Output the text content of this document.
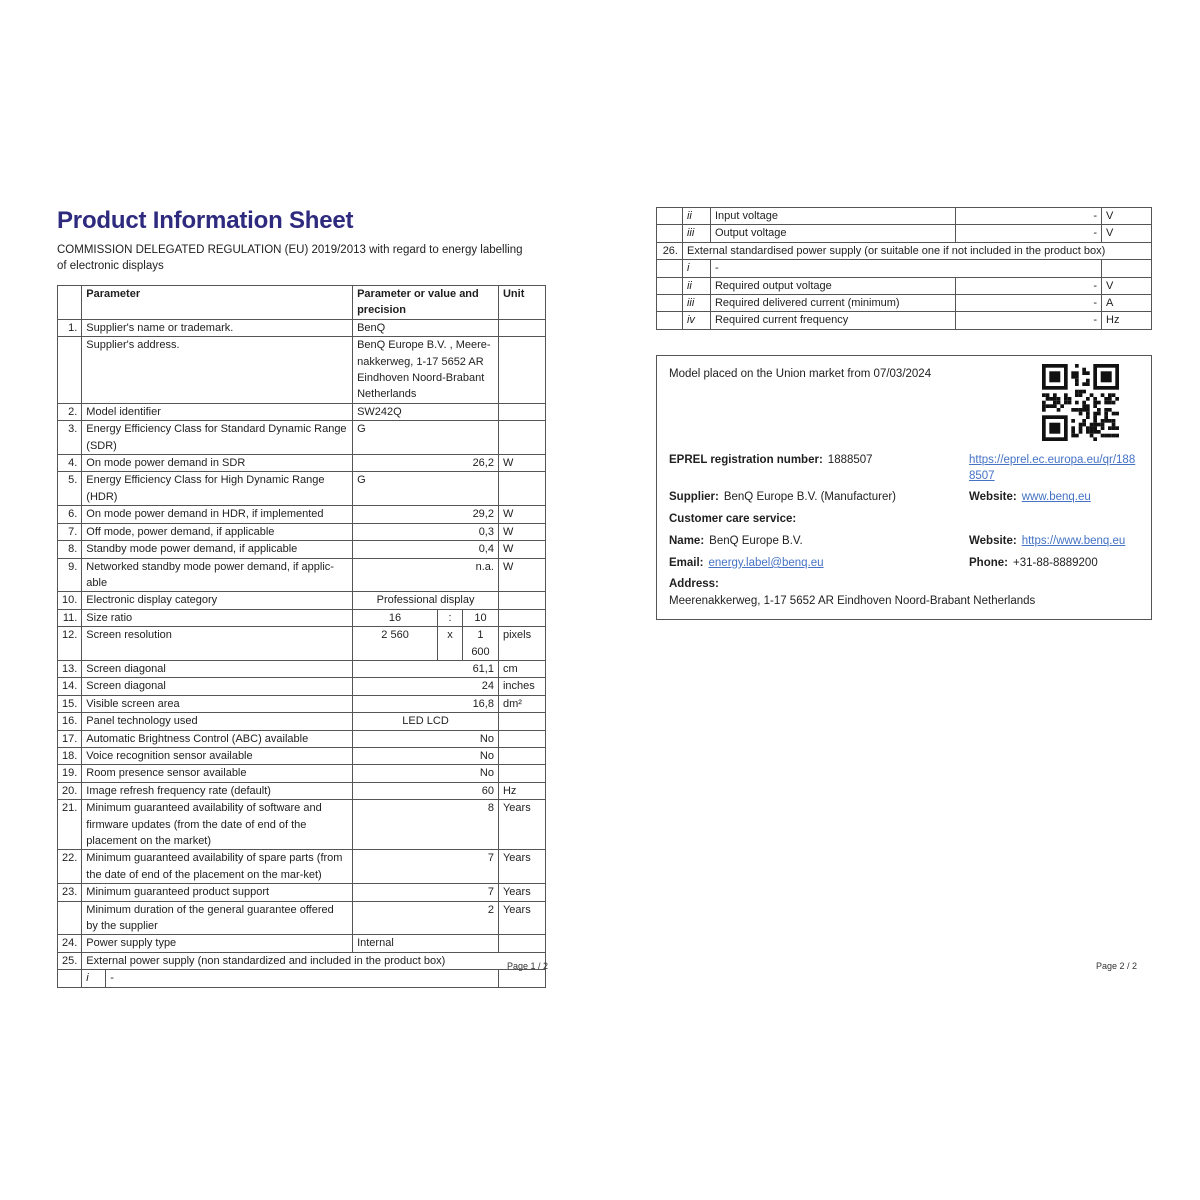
Product Information Sheet

COMMISSION DELEGATED REGULATION (EU) 2019/2013 with regard to energy labelling of electronic displays

	Parameter		Parameter or value and precision			Unit
1.	Supplier's name or trademark.		BenQ			
	Supplier's address.		BenQ Europe B.V. , Meere-nakkerweg, 1-17 5652 AR Eindhoven Noord-Brabant Netherlands			
2.	Model identifier		SW242Q			
3.	Energy Efficiency Class for Standard Dynamic Range (SDR)		G			
4.	On mode power demand in SDR		26,2			W
5.	Energy Efficiency Class for High Dynamic Range (HDR)		G			
6.	On mode power demand in HDR, if implemented		29,2			W
7.	Off mode, power demand, if applicable		0,3			W
8.	Standby mode power demand, if applicable		0,4			W
9.	Networked standby mode power demand, if applic-able		n.a.			W
10.	Electronic display category		Professional display			
11.	Size ratio		16	:	10	
12.	Screen resolution		2 560	x	1 600	pixels
13.	Screen diagonal		61,1			cm
14.	Screen diagonal		24			inches
15.	Visible screen area		16,8			dm²
16.	Panel technology used		LED LCD			
17.	Automatic Brightness Control (ABC) available		No			
18.	Voice recognition sensor available		No			
19.	Room presence sensor available		No			
20.	Image refresh frequency rate (default)		60			Hz
21.	Minimum guaranteed availability of software and firmware updates (from the date of end of the placement on the market)		8			Years
22.	Minimum guaranteed availability of spare parts (from the date of end of the placement on the mar-ket)		7			Years
23.	Minimum guaranteed product support		7			Years
	Minimum duration of the general guarantee offered by the supplier		2			Years
24.	Power supply type		Internal			
25.	External power supply (non standardized and included in the product box)					
	i	-				
	ii	Input voltage	-	V
	iii	Output voltage	-	V
26.	External standardised power supply (or suitable one if not included in the product box)			
	i	-		
	ii	Required output voltage	-	V
	iii	Required delivered current (minimum)	-	A
	iv	Required current frequency	-	Hz
Model placed on the Union market from 07/03/2024
EPREL registration number: 1888507	https://eprel.ec.europa.eu/qr/1888507
Supplier: BenQ Europe B.V. (Manufacturer)	Website: www.benq.eu
Customer care service:
Name: BenQ Europe B.V.	Website: https://www.benq.eu
Email: energy.label@benq.eu	Phone: +31-88-8889200
Address:
Meerenakkerweg, 1-17 5652 AR Eindhoven Noord-Brabant Netherlands
Page 1 / 2	Page 2 / 2
